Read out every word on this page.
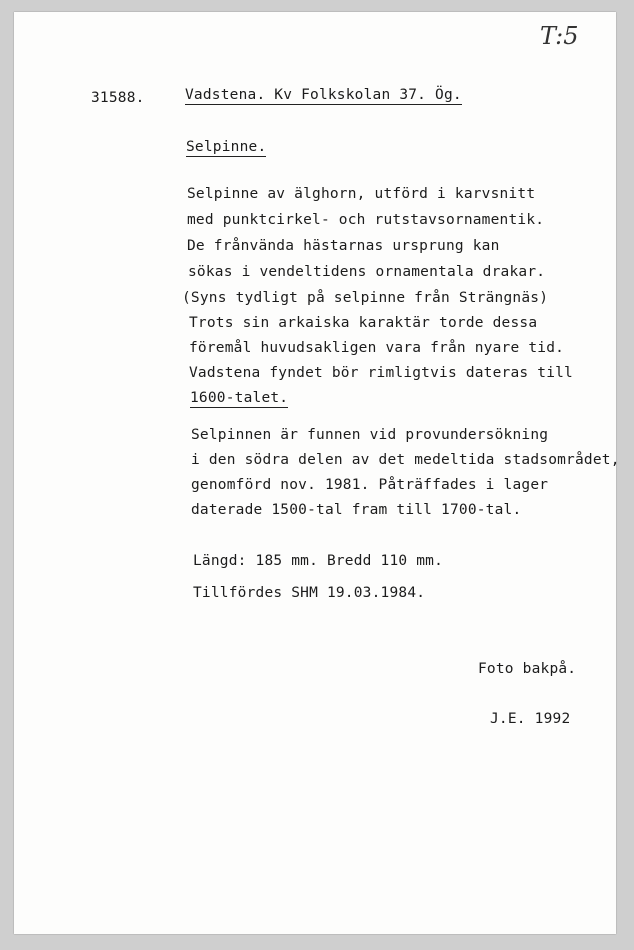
T:5
31588.	Vadstena. Kv Folkskolan 37. Ög.
Selpinne.
Selpinne av älghorn, utförd i karvsnitt
med punktcirkel- och rutstavsornamentik.
De frånvända hästarnas ursprung kan
sökas i vendeltidens ornamentala drakar.
(Syns tydligt på selpinne från Strängnäs)
Trots sin arkaiska karaktär torde dessa
föremål huvudsakligen vara från nyare tid.
Vadstena fyndet bör rimligtvis dateras till
1600-talet.
Selpinnen är funnen vid provundersökning
i den södra delen av det medeltida stadsområdet,
genomförd nov. 1981. Påträffades i lager
daterade 1500-tal fram till 1700-tal.
Längd: 185 mm. Bredd 110 mm.
Tillfördes SHM 19.03.1984.
Foto bakpå.
J.E. 1992
